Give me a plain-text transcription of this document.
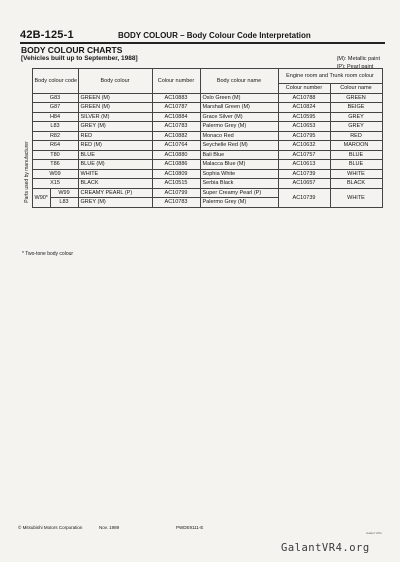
42B-125-1	BODY COLOUR – Body Colour Code Interpretation
BODY COLOUR CHARTS
[Vehicles built up to September, 1988]	(M): Metallic paint
(P): Pearl paint
	Body colour code		Body colour	Colour number	Body colour name	Engine room and Trunk room colour	
						Colour number	Colour name
	G83		GREEN (M)	AC10883	Oslo Green (M)	AC10788	GREEN
	G87		GREEN (M)	AC10787	Marshall Green (M)	AC10824	BEIGE
	H84		SILVER (M)	AC10884	Grace Silver (M)	AC10595	GREY
	L83		GREY (M)	AC10783	Palermo Grey (M)	AC10653	GREY
	R82		RED	AC10882	Monaco Red	AC10795	RED
	R64		RED (M)	AC10764	Seychelle Red (M)	AC10632	MAROON
	T80		BLUE	AC10880	Bali Blue	AC10757	BLUE
	T86		BLUE (M)	AC10886	Malacca Blue (M)	AC10613	BLUE
	W09		WHITE	AC10809	Sophia White	AC10739	WHITE
	X15		BLACK	AC10515	Serbia Black	AC10657	BLACK
	W90*	W99	CREAMY PEARL (P)	AC10799	Super Creamy Pearl (P)	AC10739	WHITE
		L83	GREY (M)	AC10783	Palermo Grey (M)		
Parts used by manufacturer
* Two-tone body colour
© Mitsubishi Motors Corporation	Nov. 1989	PWDE9111-E
Galant VR4
GalantVR4.org
